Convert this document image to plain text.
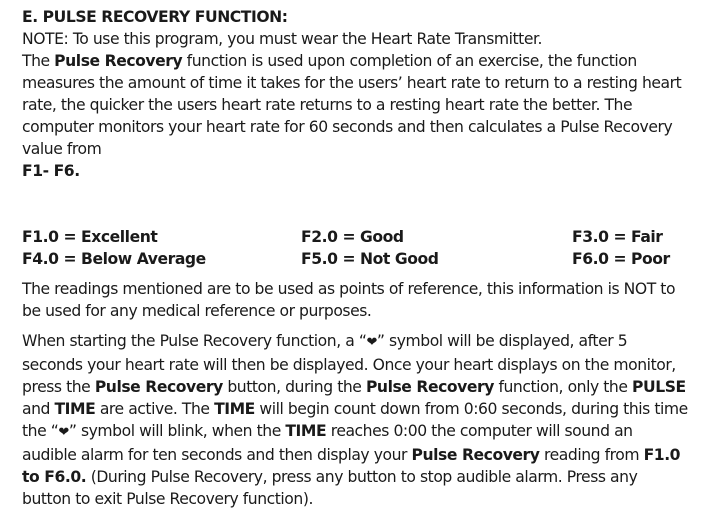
E. PULSE RECOVERY FUNCTION:

NOTE: To use this program, you must wear the Heart Rate Transmitter.

The Pulse Recovery function is used upon completion of an exercise, the function measures the amount of time it takes for the users’ heart rate to return to a resting heart rate, the quicker the users heart rate returns to a resting heart rate the better. The computer monitors your heart rate for 60 seconds and then calculates a Pulse Recovery value from

F1- F6.

F1.0 = Excellent	F2.0 = Good	F3.0 = Fair
F4.0 = Below Average	F5.0 = Not Good	F6.0 = Poor

The readings mentioned are to be used as points of reference, this information is NOT to be used for any medical reference or purposes.

When starting the Pulse Recovery function, a “❤” symbol will be displayed, after 5 seconds your heart rate will then be displayed. Once your heart displays on the monitor, press the Pulse Recovery button, during the Pulse Recovery function, only the PULSE and TIME are active. The TIME will begin count down from 0:60 seconds, during this time the “❤” symbol will blink, when the TIME reaches 0:00 the computer will sound an audible alarm for ten seconds and then display your Pulse Recovery reading from F1.0 to F6.0. (During Pulse Recovery, press any button to stop audible alarm. Press any button to exit Pulse Recovery function).
